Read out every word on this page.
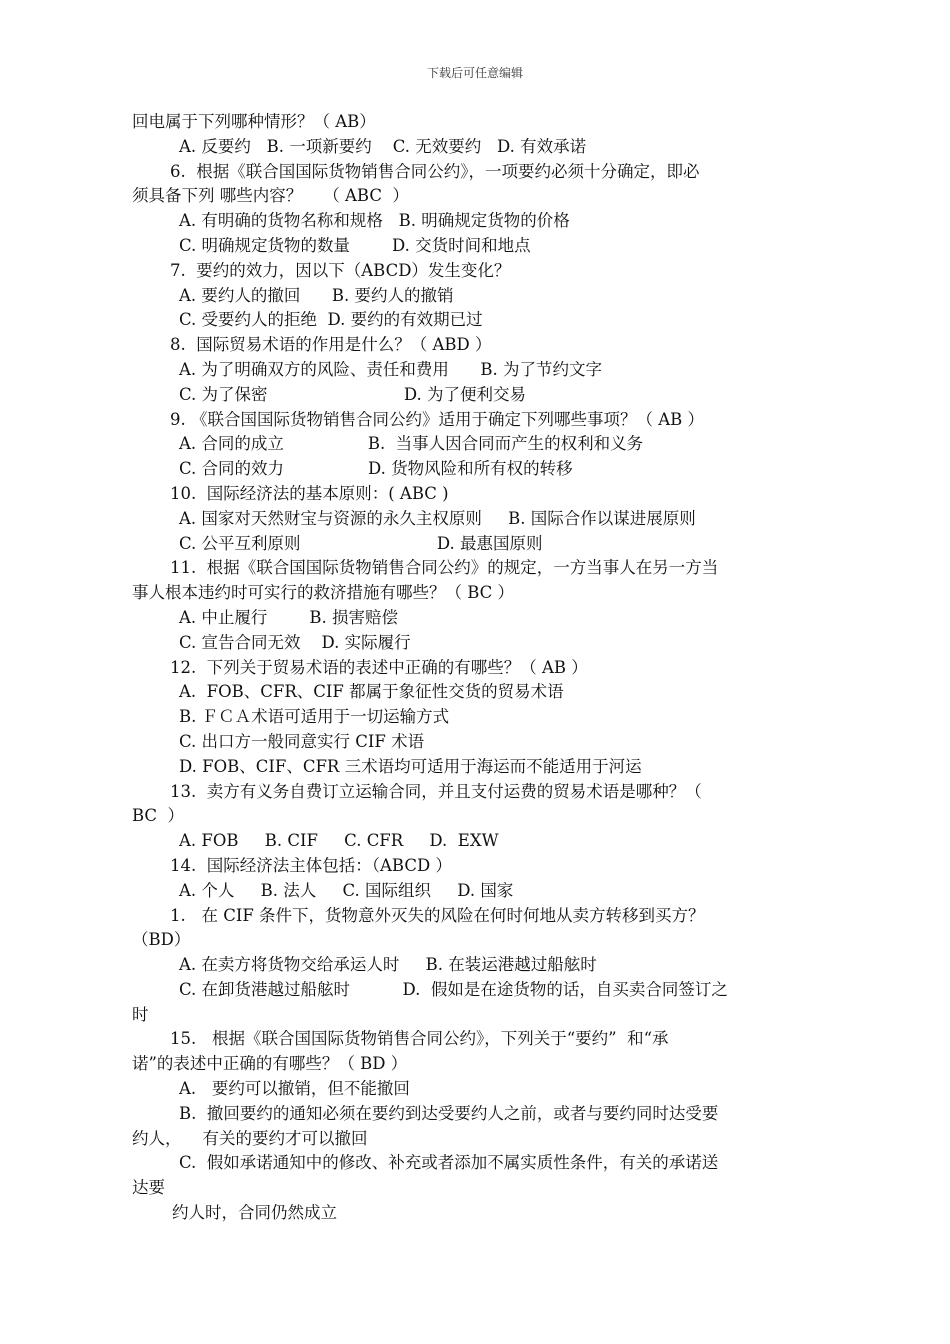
下载后可任意编辑
回电属于下列哪种情形？（ AB）
A. 反要约   B. 一项新要约    C. 无效要约   D. 有效承诺
6.  根据《联合国国际货物销售合同公约》，一项要约必须十分确定，即必
须具备下列 哪些内容？    （ ABC  ）
A. 有明确的货物名称和规格   B. 明确规定货物的价格
C. 明确规定货物的数量        D. 交货时间和地点
7.  要约的效力，因以下（ABCD）发生变化？
A. 要约人的撤回      B. 要约人的撤销
C. 受要约人的拒绝  D. 要约的有效期已过
8.  国际贸易术语的作用是什么？（ ABD ）
A. 为了明确双方的风险、责任和费用      B. 为了节约文字
C. 为了保密                          D. 为了便利交易
9. 《联合国国际货物销售合同公约》适用于确定下列哪些事项？（ AB ）
A. 合同的成立                B.  当事人因合同而产生的权利和义务
C. 合同的效力                D. 货物风险和所有权的转移
10.  国际经济法的基本原则：( ABC )
A. 国家对天然财宝与资源的永久主权原则     B. 国际合作以谋进展原则
C. 公平互利原则                          D. 最惠国原则
11.  根据《联合国国际货物销售合同公约》的规定，一方当事人在另一方当
事人根本违约时可实行的救济措施有哪些？（ BC ）
A. 中止履行        B. 损害赔偿
C. 宣告合同无效    D. 实际履行
12.  下列关于贸易术语的表述中正确的有哪些？（ AB ）
A.  FOB、CFR、CIF 都属于象征性交货的贸易术语
B. ＦＣＡ术语可适用于一切运输方式
C. 出口方一般同意实行 CIF 术语
D. FOB、CIF、CFR 三术语均可适用于海运而不能适用于河运
13.  卖方有义务自费订立运输合同，并且支付运费的贸易术语是哪种？（
BC  ）
A. FOB     B. CIF     C. CFR     D.  EXW
14.  国际经济法主体包括：（ABCD ）
A. 个人     B. 法人     C. 国际组织     D. 国家
1.   在 CIF 条件下，货物意外灭失的风险在何时何地从卖方转移到买方？
（BD）
A. 在卖方将货物交给承运人时     B. 在装运港越过船舷时
C. 在卸货港越过船舷时          D.  假如是在途货物的话，自买卖合同签订之
时
15.   根据《联合国国际货物销售合同公约》，下列关于“要约”  和“承
诺”的表述中正确的有哪些？（ BD ）
A.   要约可以撤销，但不能撤回
B.  撤回要约的通知必须在要约到达受要约人之前，或者与要约同时达受要
约人，    有关的要约才可以撤回
C.  假如承诺通知中的修改、补充或者添加不属实质性条件，有关的承诺送
达要
约人时，合同仍然成立
